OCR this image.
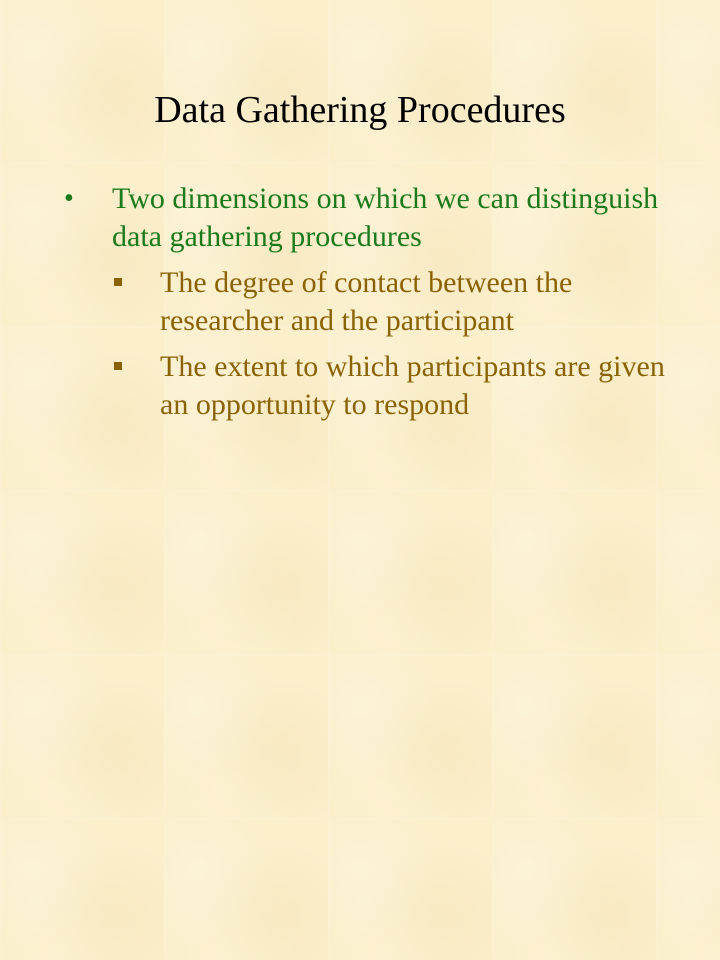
Data Gathering Procedures
• Two dimensions on which we can distinguish data gathering procedures
The degree of contact between the researcher and the participant
The extent to which participants are given an opportunity to respond
